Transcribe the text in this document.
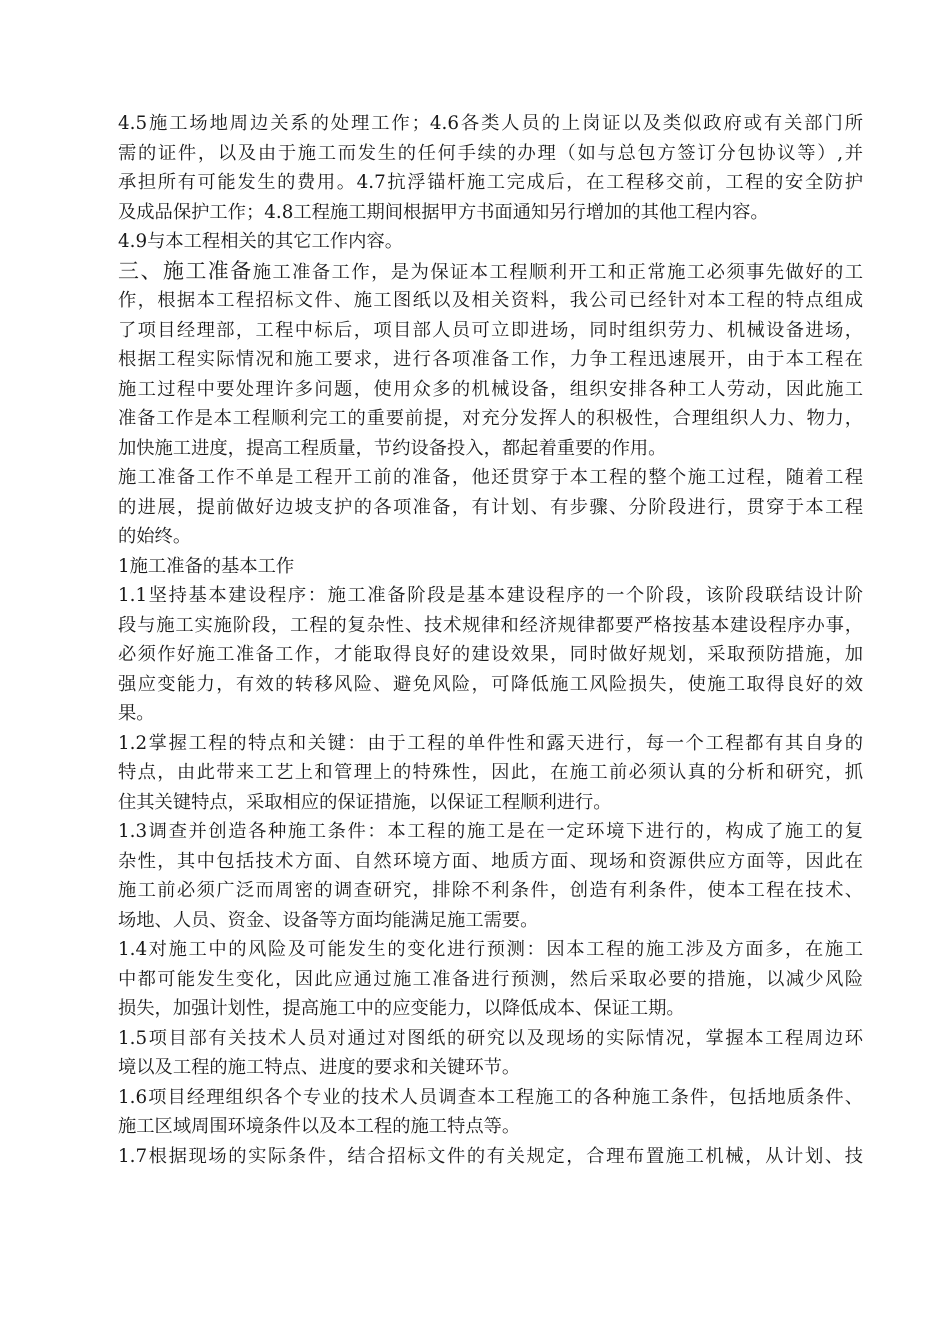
4.5施工场地周边关系的处理工作；4.6各类人员的上岗证以及类似政府或有关部门所
需的证件，以及由于施工而发生的任何手续的办理（如与总包方签订分包协议等）,并
承担所有可能发生的费用。4.7抗浮锚杆施工完成后，在工程移交前，工程的安全防护
及成品保护工作；4.8工程施工期间根据甲方书面通知另行增加的其他工程内容。
4.9与本工程相关的其它工作内容。
三、施工准备施工准备工作，是为保证本工程顺利开工和正常施工必须事先做好的工
作，根据本工程招标文件、施工图纸以及相关资料，我公司已经针对本工程的特点组成
了项目经理部，工程中标后，项目部人员可立即进场，同时组织劳力、机械设备进场，
根据工程实际情况和施工要求，进行各项准备工作，力争工程迅速展开，由于本工程在
施工过程中要处理许多问题，使用众多的机械设备，组织安排各种工人劳动，因此施工
准备工作是本工程顺利完工的重要前提，对充分发挥人的积极性，合理组织人力、物力，
加快施工进度，提高工程质量，节约设备投入，都起着重要的作用。
施工准备工作不单是工程开工前的准备，他还贯穿于本工程的整个施工过程，随着工程
的进展，提前做好边坡支护的各项准备，有计划、有步骤、分阶段进行，贯穿于本工程
的始终。
1施工准备的基本工作
1.1坚持基本建设程序：施工准备阶段是基本建设程序的一个阶段，该阶段联结设计阶
段与施工实施阶段，工程的复杂性、技术规律和经济规律都要严格按基本建设程序办事，
必须作好施工准备工作，才能取得良好的建设效果，同时做好规划，采取预防措施，加
强应变能力，有效的转移风险、避免风险，可降低施工风险损失，使施工取得良好的效
果。
1.2掌握工程的特点和关键：由于工程的单件性和露天进行，每一个工程都有其自身的
特点，由此带来工艺上和管理上的特殊性，因此，在施工前必须认真的分析和研究，抓
住其关键特点，采取相应的保证措施，以保证工程顺利进行。
1.3调查并创造各种施工条件：本工程的施工是在一定环境下进行的，构成了施工的复
杂性，其中包括技术方面、自然环境方面、地质方面、现场和资源供应方面等，因此在
施工前必须广泛而周密的调查研究，排除不利条件，创造有利条件，使本工程在技术、
场地、人员、资金、设备等方面均能满足施工需要。
1.4对施工中的风险及可能发生的变化进行预测：因本工程的施工涉及方面多，在施工
中都可能发生变化，因此应通过施工准备进行预测，然后采取必要的措施，以减少风险
损失，加强计划性，提高施工中的应变能力，以降低成本、保证工期。
1.5项目部有关技术人员对通过对图纸的研究以及现场的实际情况，掌握本工程周边环
境以及工程的施工特点、进度的要求和关键环节。
1.6项目经理组织各个专业的技术人员调查本工程施工的各种施工条件，包括地质条件、
施工区域周围环境条件以及本工程的施工特点等。
1.7根据现场的实际条件，结合招标文件的有关规定，合理布置施工机械，从计划、技
